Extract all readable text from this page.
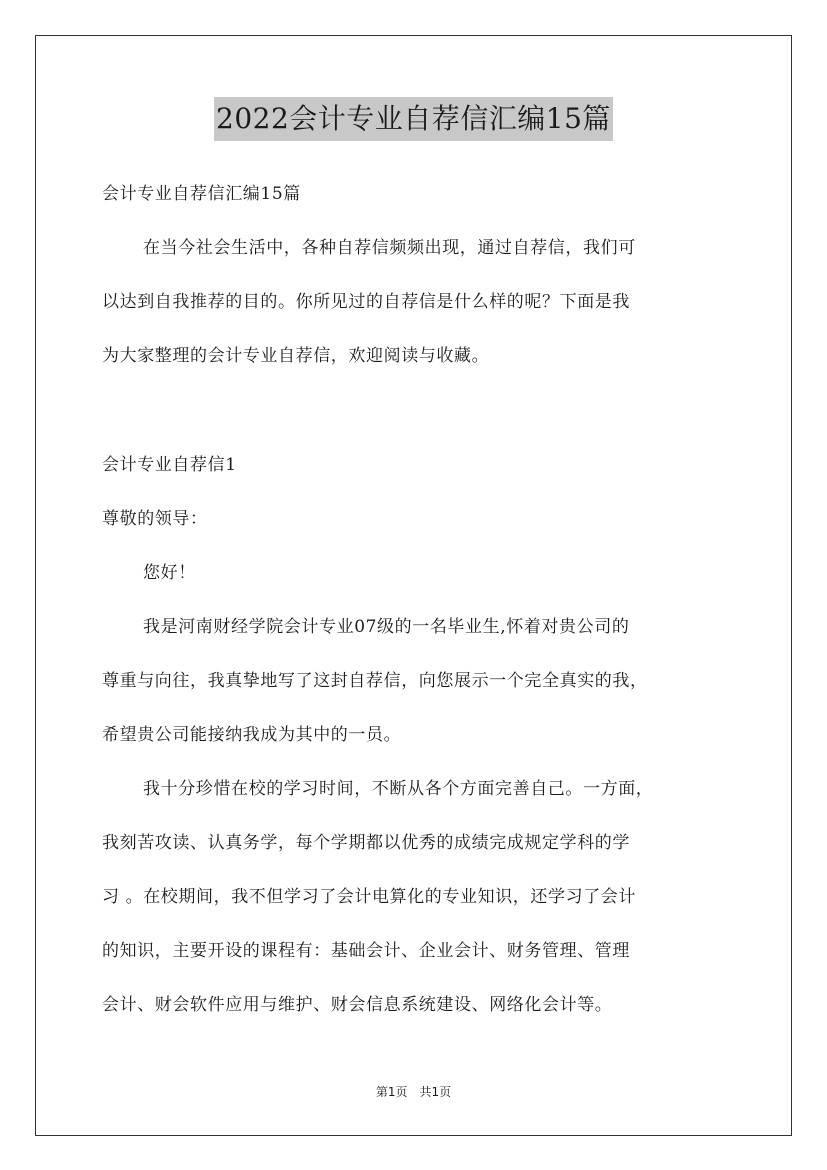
2022会计专业自荐信汇编15篇
会计专业自荐信汇编15篇
在当今社会生活中，各种自荐信频频出现，通过自荐信，我们可
以达到自我推荐的目的。你所见过的自荐信是什么样的呢？下面是我
为大家整理的会计专业自荐信，欢迎阅读与收藏。
会计专业自荐信1
尊敬的领导：
您好！
我是河南财经学院会计专业07级的一名毕业生,怀着对贵公司的
尊重与向往，我真挚地写了这封自荐信，向您展示一个完全真实的我，
希望贵公司能接纳我成为其中的一员。
我十分珍惜在校的学习时间，不断从各个方面完善自己。一方面，
我刻苦攻读、认真务学，每个学期都以优秀的成绩完成规定学科的学
习 。在校期间，我不但学习了会计电算化的专业知识，还学习了会计
的知识，主要开设的课程有：基础会计、企业会计、财务管理、管理
会计、财会软件应用与维护、财会信息系统建设、网络化会计等。
第1页　共1页
